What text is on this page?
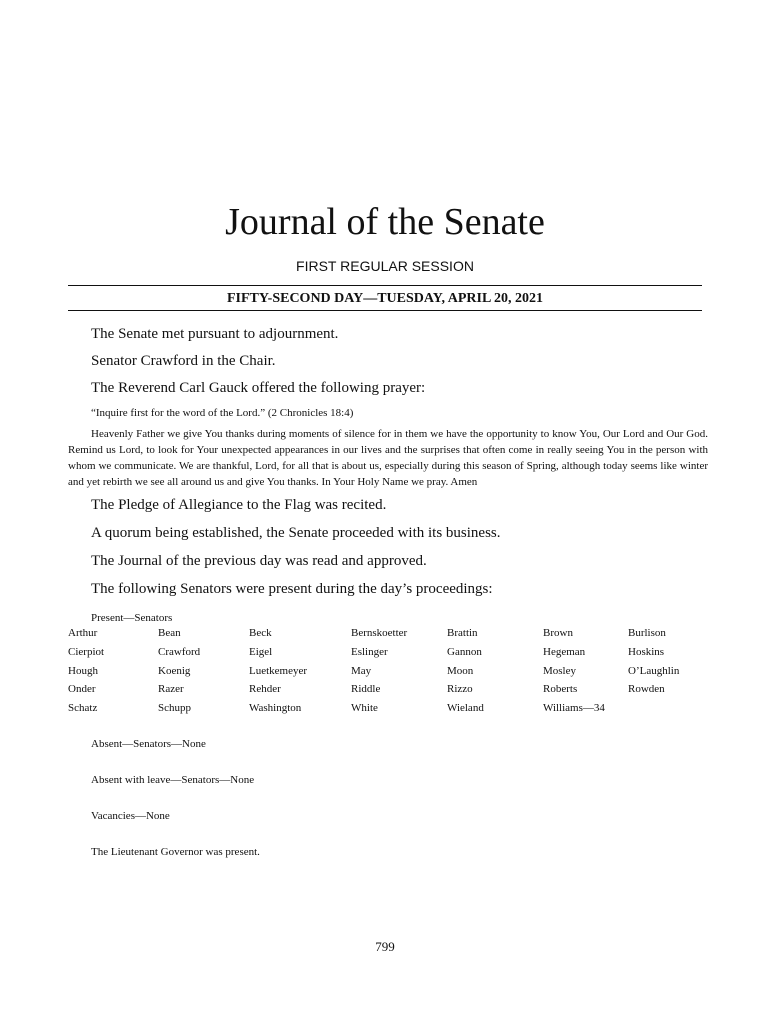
Journal of the Senate
FIRST REGULAR SESSION
FIFTY-SECOND DAY—TUESDAY, APRIL 20, 2021

The Senate met pursuant to adjournment.

Senator Crawford in the Chair.

The Reverend Carl Gauck offered the following prayer:

“Inquire first for the word of the Lord.” (2 Chronicles 18:4)

Heavenly Father we give You thanks during moments of silence for in them we have the opportunity to know You, Our Lord and Our God. Remind us Lord, to look for Your unexpected appearances in our lives and the surprises that often come in really seeing You in the person with whom we communicate. We are thankful, Lord, for all that is about us, especially during this season of Spring, although today seems like winter and yet rebirth we see all around us and give You thanks. In Your Holy Name we pray. Amen

The Pledge of Allegiance to the Flag was recited.

A quorum being established, the Senate proceeded with its business.

The Journal of the previous day was read and approved.

The following Senators were present during the day’s proceedings:

Present—Senators

Arthur	Bean	Beck	Bernskoetter	Brattin	Brown	Burlison
Cierpiot	Crawford	Eigel	Eslinger	Gannon	Hegeman	Hoskins
Hough	Koenig	Luetkemeyer	May	Moon	Mosley	O’Laughlin
Onder	Razer	Rehder	Riddle	Rizzo	Roberts	Rowden
Schatz	Schupp	Washington	White	Wieland	Williams—34

Absent—Senators—None

Absent with leave—Senators—None

Vacancies—None

The Lieutenant Governor was present.

799
